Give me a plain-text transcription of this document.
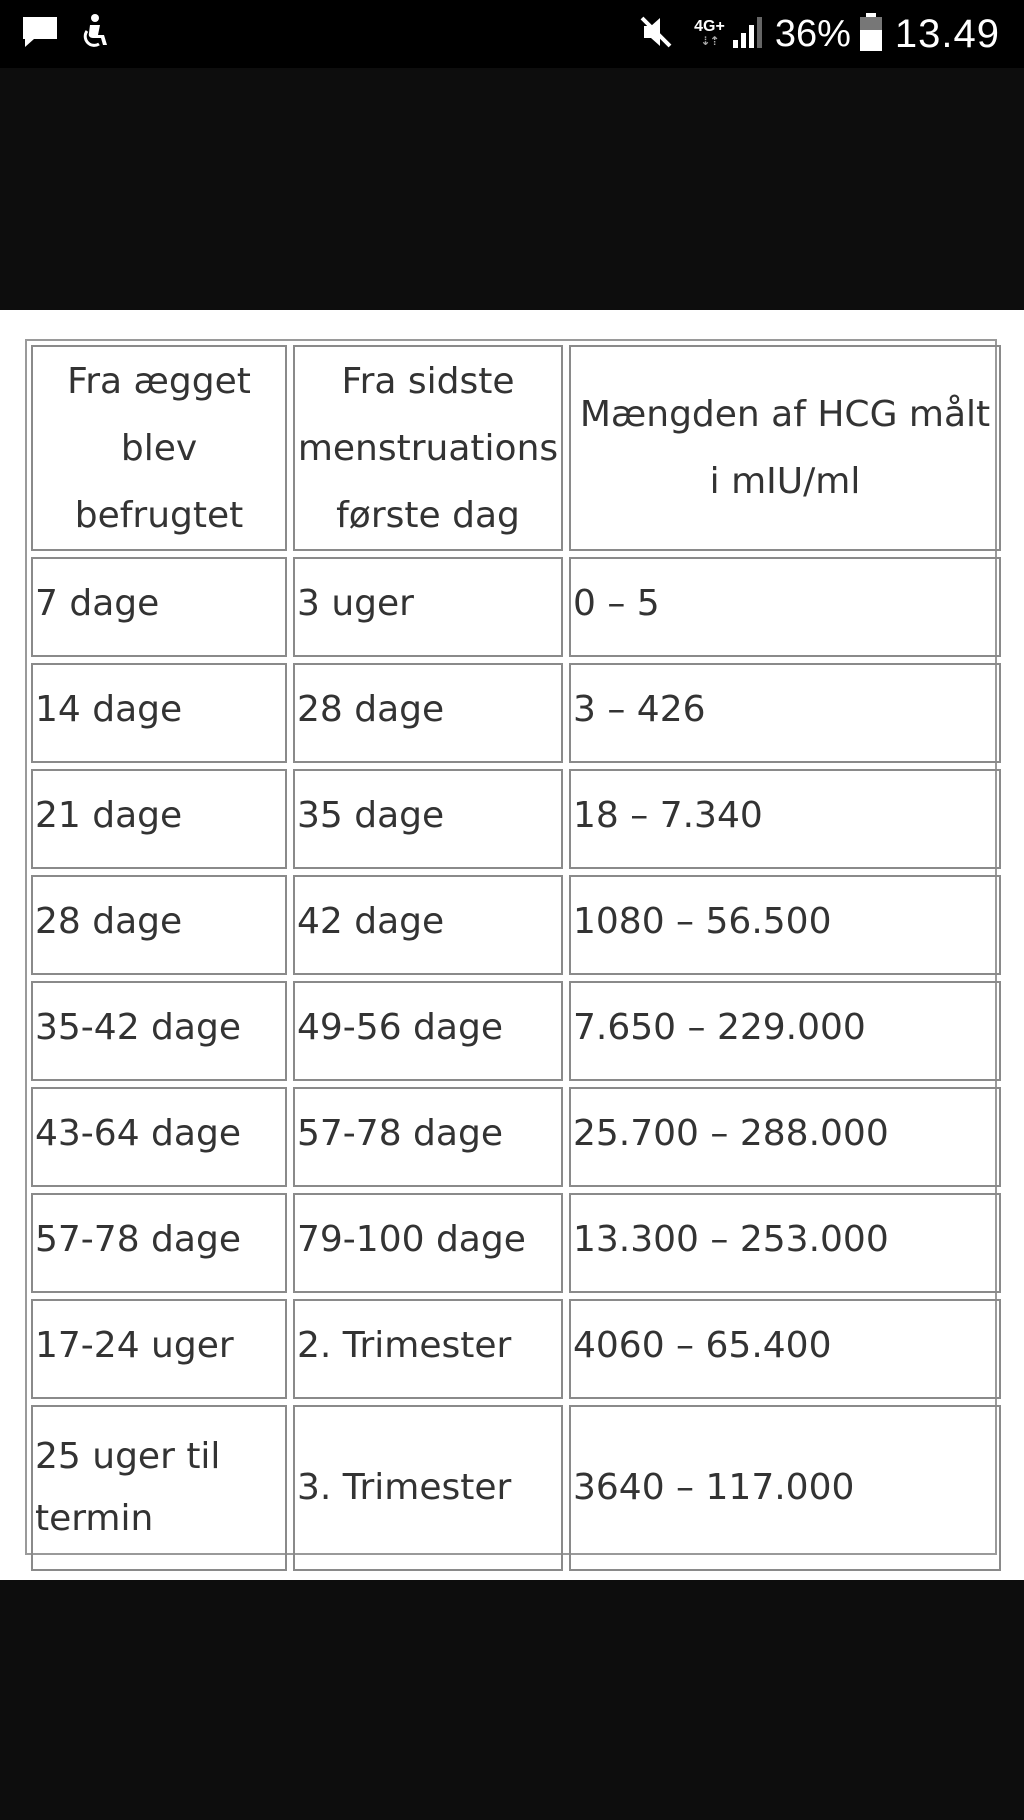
4G+
⇣⇡ 36% 13.49
Fra ægget blev befrugtet	Fra sidste menstruations første dag	Mængden af HCG målt i mIU/ml
7 dage	3 uger	0 – 5
14 dage	28 dage	3 – 426
21 dage	35 dage	18 – 7.340
28 dage	42 dage	1080 – 56.500
35-42 dage	49-56 dage	7.650 – 229.000
43-64 dage	57-78 dage	25.700 – 288.000
57-78 dage	79-100 dage	13.300 – 253.000
17-24 uger	2. Trimester	4060 – 65.400
25 uger til termin	3. Trimester	3640 – 117.000
